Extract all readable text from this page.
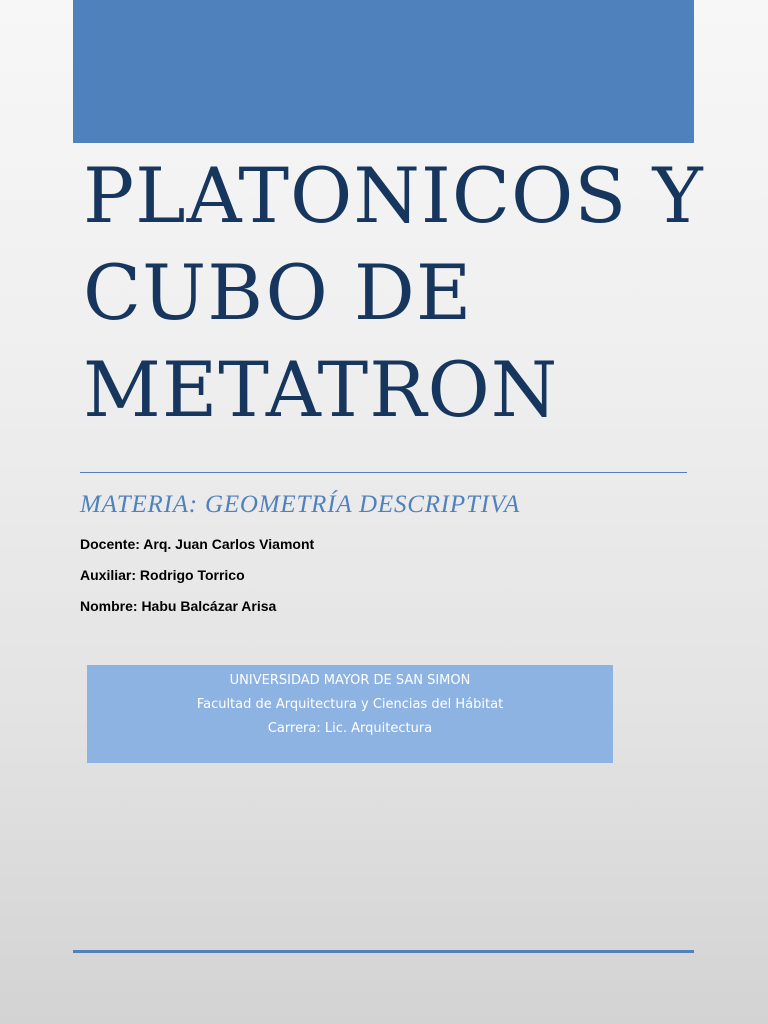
PLATONICOS Y
CUBO DE
METATRON
MATERIA: GEOMETRÍA DESCRIPTIVA
Docente: Arq. Juan Carlos Viamont
Auxiliar: Rodrigo Torrico
Nombre: Habu Balcázar Arisa
UNIVERSIDAD MAYOR DE SAN SIMON
Facultad de Arquitectura y Ciencias del Hábitat
Carrera: Lic. Arquitectura
